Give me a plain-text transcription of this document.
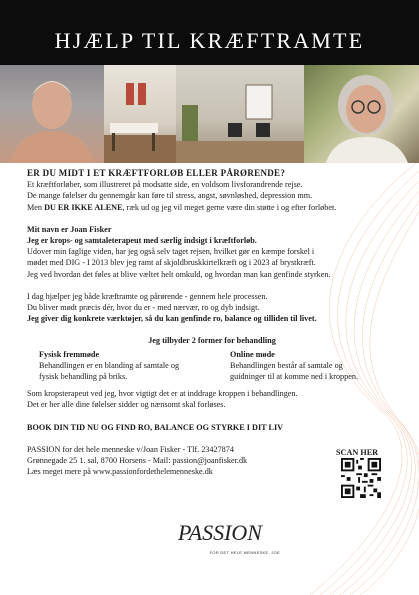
HJÆLP TIL KRÆFTRAMTE

ER DU MIDT I ET KRÆFTFORLØB ELLER PÅRØRENDE?

Et kræftforløber, som illustreret på modsatte side, en voldsom livsforandrende rejse.

De mange følelser du gennemgår kan føre til stress, angst, søvnløshed, depression mm.

Men DU ER IKKE ALENE, ræk ud og jeg vil meget gerne være din støtte i og efter forløbet.

Mit navn er Joan Fisker

Jeg er krops- og samtaleterapeut med særlig indsigt i kræftforløb.

Udover min faglige viden, har jeg også selv taget rejsen, hvilket gør en kæmpe forskel i

mødet med DIG - I 2013 blev jeg ramt af skjoldbruskkirtelkræft og i 2023 af brystkræft.

Jeg ved hvordan det føles at blive væltet helt omkuld, og hvordan man kan genfinde styrken.

I dag hjælper jeg både kræftramte og pårørende - gennem hele processen.

Du bliver mødt præcis dér, hvor du er - med nærvær, ro og dyb indsigt.

Jeg giver dig konkrete værktøjer, så du kan genfinde ro, balance og tilliden til livet.

Jeg tilbyder 2 former for behandling

Fysisk fremmøde

Behandlingen er en blanding af samtale og

fysisk behandling på briks.

Online møde

Behandlingen består af samtale og

guidninger til at komme ned i kroppen.

Som kropsterapeut ved jeg, hvor vigtigt det er at inddrage kroppen i behandlingen.

Det er her alle dine følelser sidder og nænsomt skal forløses.

BOOK DIN TID NU OG FIND RO, BALANCE OG STYRKE I DIT LIV

PASSION for det hele menneske v/Joan Fisker - Tlf. 23427874

Grønnegade 25 1. sal, 8700 Horsens - Mail: passion@joanfisker.dk

Læs meget mere på www.passionfordethelemenneske.dk

SCAN HER
PASSION
FOR DET HELE MENNESKE, JOE
